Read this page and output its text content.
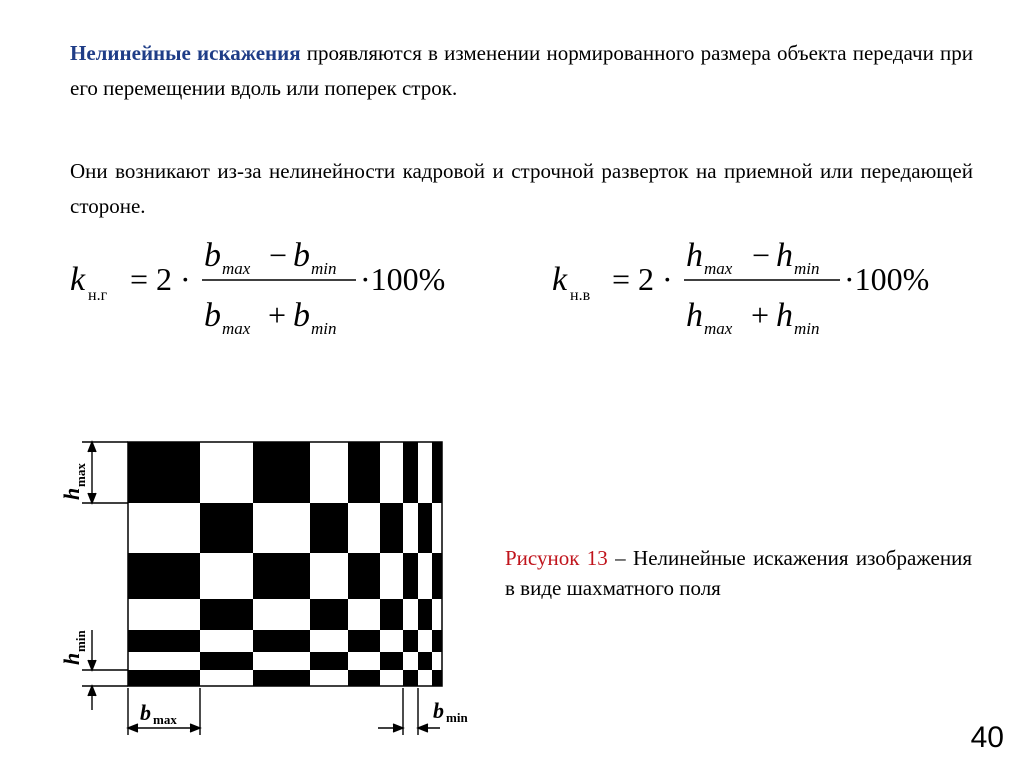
Нелинейные искажения проявляются в изменении нормированного размера объекта передачи при его перемещении вдоль или поперек строк.

Они возникают из-за нелинейности кадровой и строчной разверток на приемной или передающей стороне.

k н.г = 2 ·
b max − b min
b max + b min
·100%	k н.в = 2 ·
h max − h min
h max + h min
·100%
h
max
h
min
b max	b min

Рисунок 13 – Нелинейные искажения изображения в виде шахматного поля

40
